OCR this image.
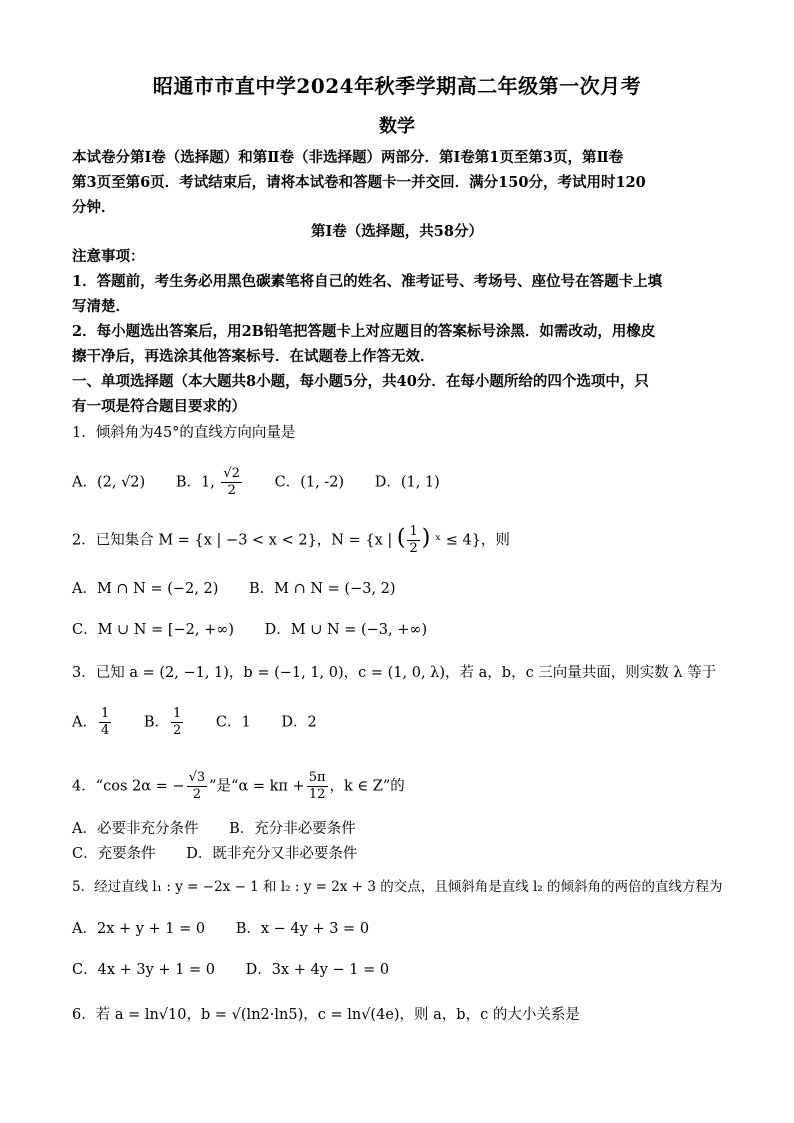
昭通市市直中学2024年秋季学期高二年级第一次月考
数学
本试卷分第Ⅰ卷（选择题）和第Ⅱ卷（非选择题）两部分．第Ⅰ卷第1页至第3页，第Ⅱ卷
第3页至第6页．考试结束后，请将本试卷和答题卡一并交回．满分150分，考试用时120
分钟．
第Ⅰ卷（选择题，共58分）
注意事项：
1．答题前，考生务必用黑色碳素笔将自己的姓名、准考证号、考场号、座位号在答题卡上填
写清楚．
2．每小题选出答案后，用2B铅笔把答题卡上对应题目的答案标号涂黑．如需改动，用橡皮
擦干净后，再选涂其他答案标号．在试题卷上作答无效．
一、单项选择题（本大题共8小题，每小题5分，共40分．在每小题所给的四个选项中，只
有一项是符合题目要求的）
1．倾斜角为45°的直线方向向量是
A．(2, √2) B．1, $\frac{√2}{2}$ C．(1, -2) D．(1, 1)
2．已知集合 M = {x | −3 < x < 2}，N = {x | ( $\frac{1}{2}$ ) ˣ ≤ 4}，则
A．M ∩ N = (−2, 2) B．M ∩ N = (−3, 2)
C．M ∪ N = [−2, +∞) D．M ∪ N = (−3, +∞)
3．已知 a = (2, −1, 1)，b = (−1, 1, 0)，c = (1, 0, λ)，若 a，b，c 三向量共面，则实数 λ 等于
A． $\frac{1}{4}$ B． $\frac{1}{2}$ C．1 D．2
4．“cos 2α = − $\frac{√3}{2}$ ”是“$\alpha = k\pi + \frac{5\pi}{12}$ ，k ∈ Z”的
A．必要非充分条件 B．充分非必要条件
C．充要条件 D．既非充分又非必要条件
5．经过直线 l₁ : y = −2x − 1 和 l₂ : y = 2x + 3 的交点，且倾斜角是直线 l₂ 的倾斜角的两倍的直线方程为
A．2x + y + 1 = 0 B．x − 4y + 3 = 0
C．4x + 3y + 1 = 0 D．3x + 4y − 1 = 0
6．若 a = ln√10，b = √(ln2·ln5)，c = ln√(4e)，则 a，b，c 的大小关系是
